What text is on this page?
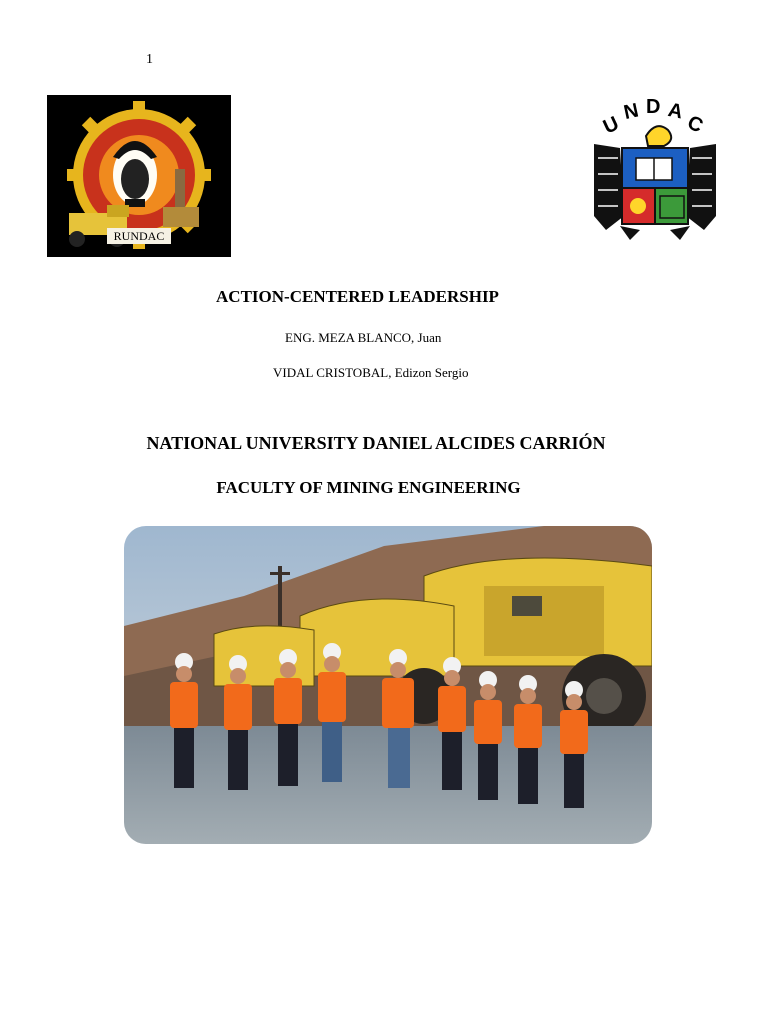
1
RUNDAC
U
N D A
C
ACTION-CENTERED LEADERSHIP
ENG. MEZA BLANCO, Juan
VIDAL CRISTOBAL, Edizon Sergio
NATIONAL UNIVERSITY DANIEL ALCIDES CARRIÓN
FACULTY OF MINING ENGINEERING
